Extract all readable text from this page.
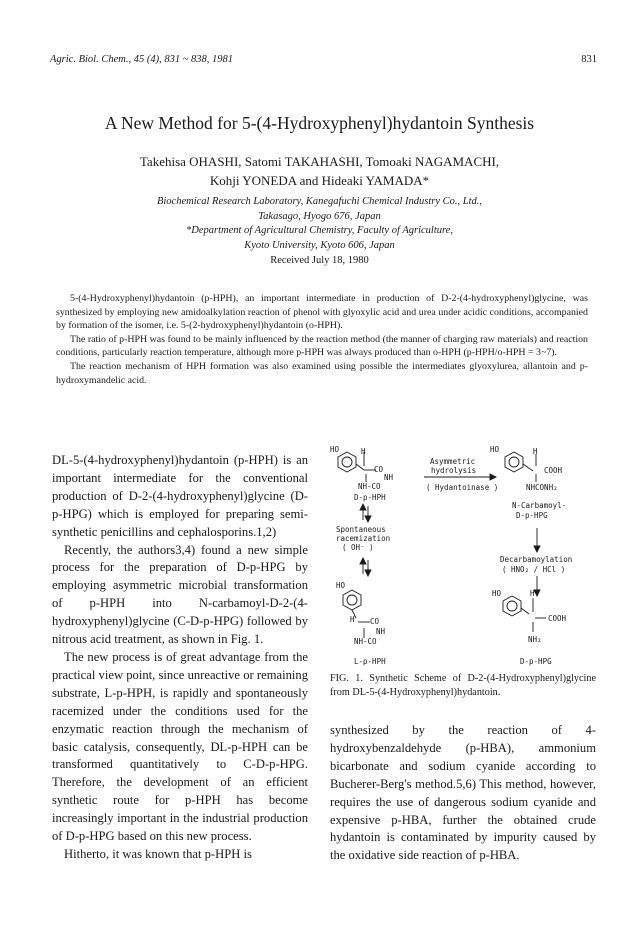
Agric. Biol. Chem., 45 (4), 831 ~ 838, 1981	831
A New Method for 5-(4-Hydroxyphenyl)hydantoin Synthesis
Takehisa OHASHI, Satomi TAKAHASHI, Tomoaki NAGAMACHI,
Kohji YONEDA and Hideaki YAMADA*
Biochemical Research Laboratory, Kanegafuchi Chemical Industry Co., Ltd.,
Takasago, Hyogo 676, Japan
*Department of Agricultural Chemistry, Faculty of Agriculture,
Kyoto University, Kyoto 606, Japan
Received July 18, 1980

5-(4-Hydroxyphenyl)hydantoin (p-HPH), an important intermediate in production of D-2-(4-hydroxyphenyl)glycine, was synthesized by employing new amidoalkylation reaction of phenol with glyoxylic acid and urea under acidic conditions, accompanied by formation of the isomer, i.e. 5-(2-hydroxyphenyl)hydantoin (o-HPH).

The ratio of p-HPH was found to be mainly influenced by the reaction method (the manner of charging raw materials) and reaction conditions, particularly reaction temperature, although more p-HPH was always produced than o-HPH (p-HPH/o-HPH = 3~7).

The reaction mechanism of HPH formation was also examined using possible the intermediates glyoxylurea, allantoin and p-hydroxymandelic acid.

DL-5-(4-hydroxyphenyl)hydantoin (p-HPH) is an important intermediate for the conventional production of D-2-(4-hydroxyphenyl)glycine (D-p-HPG) which is employed for preparing semi-synthetic penicillins and cephalosporins.1,2)

Recently, the authors3,4) found a new simple process for the preparation of D-p-HPG by employing asymmetric microbial transformation of p-HPH into N-carbamoyl-D-2-(4-hydroxyphenyl)glycine (C-D-p-HPG) followed by nitrous acid treatment, as shown in Fig. 1.

The new process is of great advantage from the practical view point, since unreactive or remaining substrate, L-p-HPH, is rapidly and spontaneously racemized under the conditions used for the enzymatic reaction through the mechanism of basic catalysis, consequently, DL-p-HPH can be transformed quantitatively to C-D-p-HPG. Therefore, the development of an efficient synthetic route for p-HPH has become increasingly important in the industrial production of D-p-HPG based on this new process.

Hitherto, it was known that p-HPH is

HO	H
CO
NH
NH-CO
Asymmetric
hydrolysis
( Hydantoinase )
HO	H
COOH
NHCONH₂
D-p-HPH
Spontaneous
racemization
( OH⁻ )
N-Carbamoyl-
D-p-HPG
Decarbamoylation
( HNO₂ / HCl )
HO
H CO
NH
NH-CO
L-p-HPH
HO	H
COOH
NH₂
D-p-HPG
FIG. 1. Synthetic Scheme of D-2-(4-Hydroxyphenyl)glycine from DL-5-(4-Hydroxyphenyl)hydantoin.

synthesized by the reaction of 4-hydroxybenzaldehyde (p-HBA), ammonium bicarbonate and sodium cyanide according to Bucherer-Berg's method.5,6) This method, however, requires the use of dangerous sodium cyanide and expensive p-HBA, further the obtained crude hydantoin is contaminated by impurity caused by the oxidative side reaction of p-HBA.
